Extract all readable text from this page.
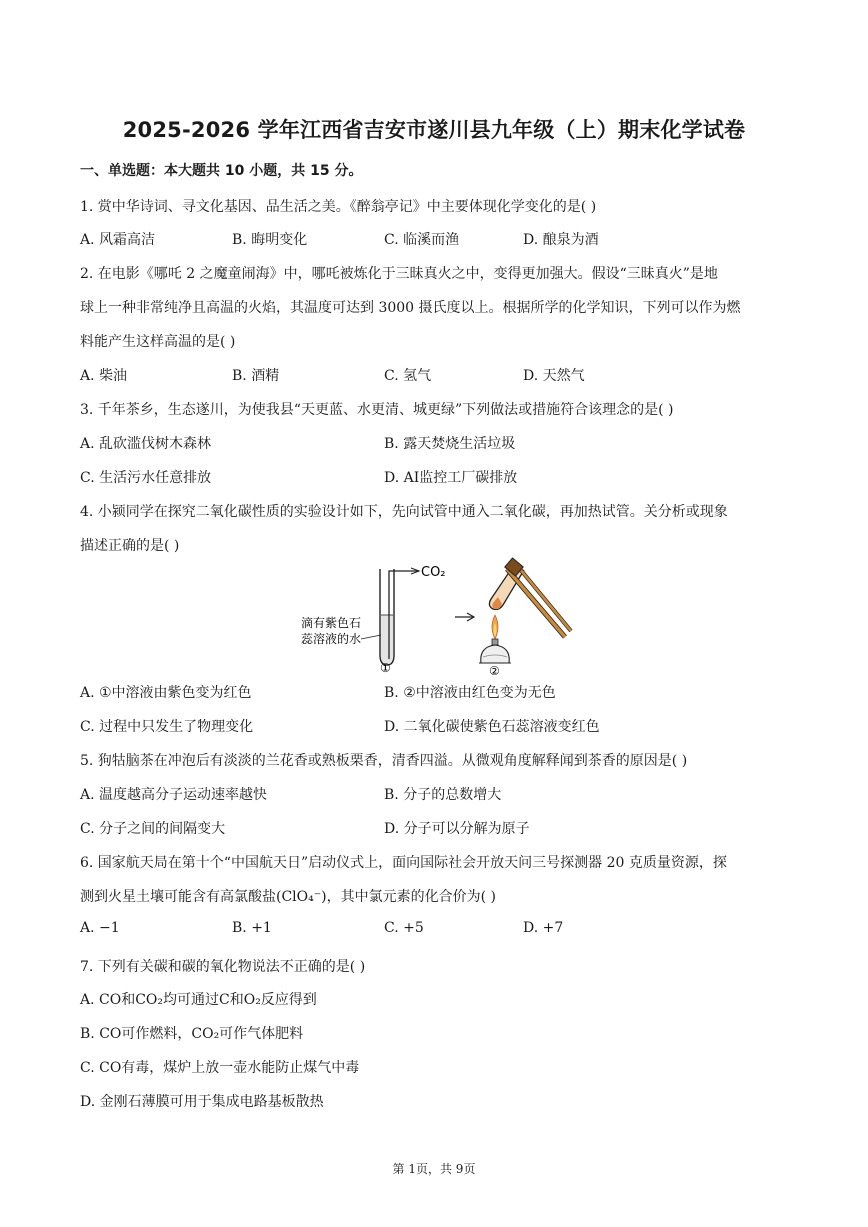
2025-2026 学年江西省吉安市遂川县九年级（上）期末化学试卷
一、单选题：本大题共 10 小题，共 15 分。
1. 赏中华诗词、寻文化基因、品生活之美。《醉翁亭记》中主要体现化学变化的是( )
A. 风霜高洁	B. 晦明变化	C. 临溪而渔	D. 酿泉为酒
2. 在电影《哪吒 2 之魔童闹海》中，哪吒被炼化于三昧真火之中，变得更加强大。假设“三昧真火”是地
球上一种非常纯净且高温的火焰，其温度可达到 3000 摄氏度以上。根据所学的化学知识，下列可以作为燃
料能产生这样高温的是( )
A. 柴油	B. 酒精	C. 氢气	D. 天然气
3. 千年茶乡，生态遂川，为使我县“天更蓝、水更清、城更绿”下列做法或措施符合该理念的是( )
A. 乱砍滥伐树木森林	B. 露天焚烧生活垃圾
C. 生活污水任意排放	D. AI监控工厂碳排放
4. 小颍同学在探究二氧化碳性质的实验设计如下，先向试管中通入二氧化碳，再加热试管。关分析或现象
描述正确的是( )
CO₂
滴有紫色石
蕊溶液的水
①	②
A. ①中溶液由紫色变为红色	B. ②中溶液由红色变为无色
C. 过程中只发生了物理变化	D. 二氧化碳使紫色石蕊溶液变红色
5. 狗牯脑茶在冲泡后有淡淡的兰花香或熟板栗香，清香四溢。从微观角度解释闻到茶香的原因是( )
A. 温度越高分子运动速率越快	B. 分子的总数增大
C. 分子之间的间隔变大	D. 分子可以分解为原子
6. 国家航天局在第十个“中国航天日”启动仪式上，面向国际社会开放天问三号探测器 20 克质量资源，探
测到火星土壤可能含有高氯酸盐(ClO₄⁻)，其中氯元素的化合价为( )
A. −1	B. +1	C. +5	D. +7
7. 下列有关碳和碳的氧化物说法不正确的是( )
A. CO和CO₂均可通过C和O₂反应得到
B. CO可作燃料，CO₂可作气体肥料
C. CO有毒，煤炉上放一壶水能防止煤气中毒
D. 金刚石薄膜可用于集成电路基板散热
第 1页，共 9页
